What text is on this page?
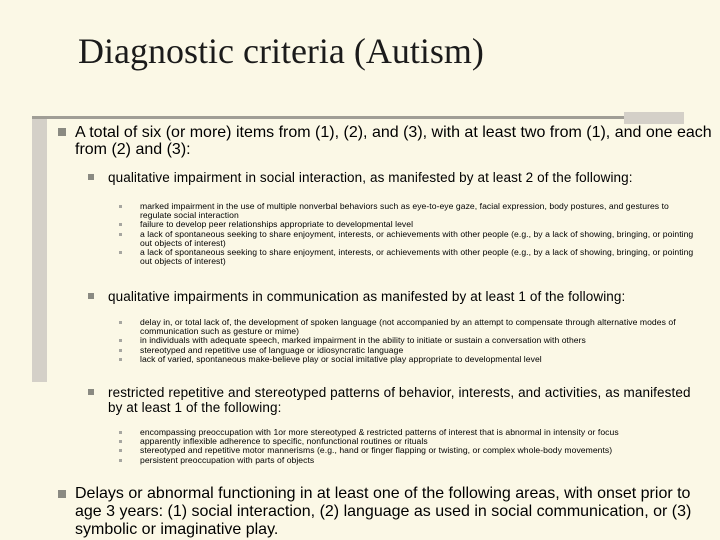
Diagnostic criteria (Autism)
A total of six (or more) items from (1), (2), and (3), with at least two from (1), and one each from (2) and (3):
qualitative impairment in social interaction, as manifested by at least 2 of the following:
marked impairment in the use of multiple nonverbal behaviors such as eye-to-eye gaze, facial expression, body postures, and gestures to regulate social interaction
failure to develop peer relationships appropriate to developmental level
a lack of spontaneous seeking to share enjoyment, interests, or achievements with other people (e.g., by a lack of showing, bringing, or pointing out objects of interest)
a lack of spontaneous seeking to share enjoyment, interests, or achievements with other people (e.g., by a lack of showing, bringing, or pointing out objects of interest)
qualitative impairments in communication as manifested by at least 1 of the following:
delay in, or total lack of, the development of spoken language (not accompanied by an attempt to compensate through alternative modes of communication such as gesture or mime)
in individuals with adequate speech, marked impairment in the ability to initiate or sustain a conversation with others
stereotyped and repetitive use of language or idiosyncratic language
lack of varied, spontaneous make-believe play or social imitative play appropriate to developmental level
restricted repetitive and stereotyped patterns of behavior, interests, and activities, as manifested by at least 1 of the following:
encompassing preoccupation with 1or more stereotyped & restricted patterns of interest that is abnormal in intensity or focus
apparently inflexible adherence to specific, nonfunctional routines or rituals
stereotyped and repetitive motor mannerisms (e.g., hand or finger flapping or twisting, or complex whole-body movements)
persistent preoccupation with parts of objects
Delays or abnormal functioning in at least one of the following areas, with onset prior to age 3 years: (1) social interaction, (2) language as used in social communication, or (3) symbolic or imaginative play.
